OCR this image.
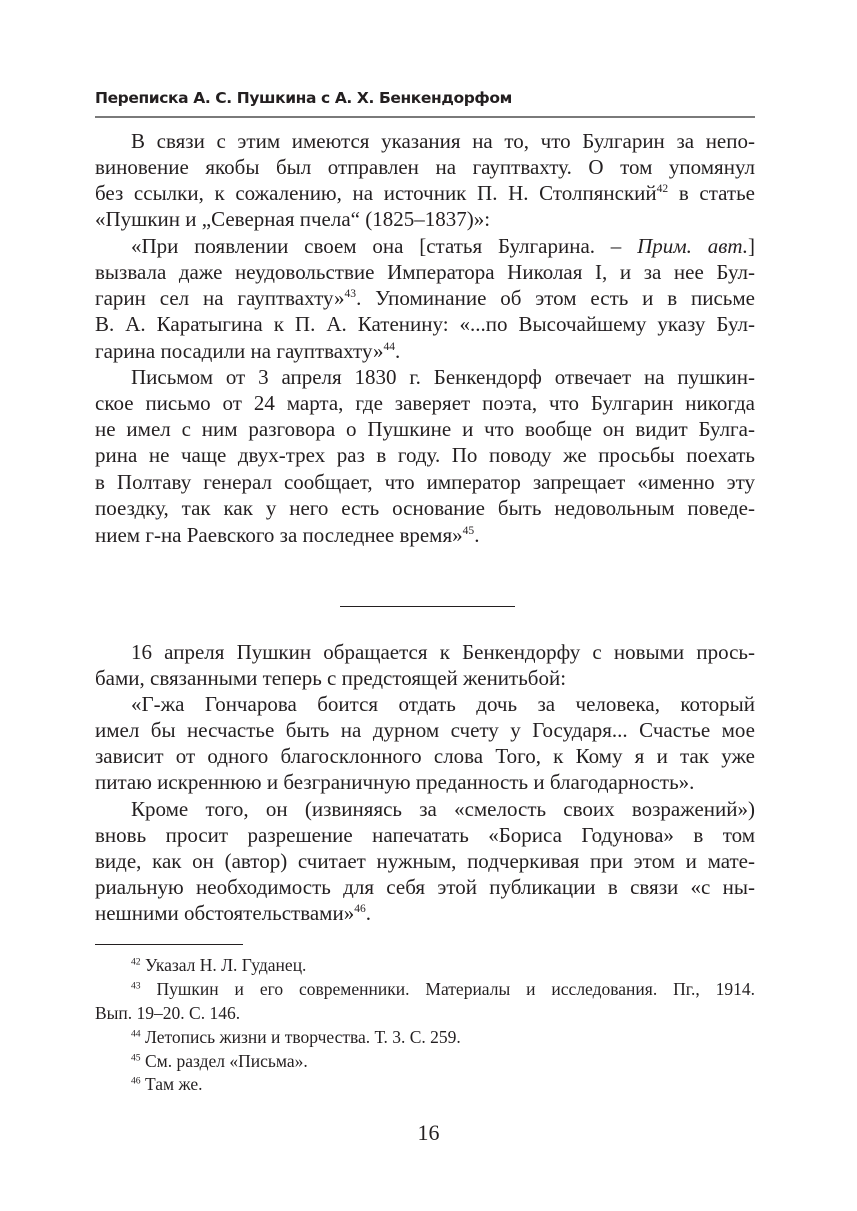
Переписка А. С. Пушкина с А. Х. Бенкендорфом
В связи с этим имеются указания на то, что Булгарин за непо-
виновение якобы был отправлен на гауптвахту. О том упомянул
без ссылки, к сожалению, на источник П. Н. Столпянский$^{42}$ в статье
«Пушкин и „Северная пчела“ (1825–1837)»:
«При появлении своем она [статья Булгарина. – Прим. авт.]
вызвала даже неудовольствие Императора Николая I, и за нее Бул-
гарин сел на гауптвахту»$^{43}$. Упоминание об этом есть и в письме
В. А. Каратыгина к П. А. Катенину: «...по Высочайшему указу Бул-
гарина посадили на гауптвахту»$^{44}$.
Письмом от 3 апреля 1830 г. Бенкендорф отвечает на пушкин-
ское письмо от 24 марта, где заверяет поэта, что Булгарин никогда
не имел с ним разговора о Пушкине и что вообще он видит Булга-
рина не чаще двух-трех раз в году. По поводу же просьбы поехать
в Полтаву генерал сообщает, что император запрещает «именно эту
поездку, так как у него есть основание быть недовольным поведе-
нием г-на Раевского за последнее время»$^{45}$.
16 апреля Пушкин обращается к Бенкендорфу с новыми прось-
бами, связанными теперь с предстоящей женитьбой:
«Г-жа Гончарова боится отдать дочь за человека, который
имел бы несчастье быть на дурном счету у Государя... Счастье мое
зависит от одного благосклонного слова Того, к Кому я и так уже
питаю искреннюю и безграничную преданность и благодарность».
Кроме того, он (извиняясь за «смелость своих возражений»)
вновь просит разрешение напечатать «Бориса Годунова» в том
виде, как он (автор) считает нужным, подчеркивая при этом и мате-
риальную необходимость для себя этой публикации в связи «с ны-
нешними обстоятельствами»$^{46}$.
$^{42}$ Указал Н. Л. Гуданец.
$^{43}$ Пушкин и его современники. Материалы и исследования. Пг., 1914.
Вып. 19–20. С. 146.
$^{44}$ Летопись жизни и творчества. Т. 3. С. 259.
$^{45}$ См. раздел «Письма».
$^{46}$ Там же.
16
